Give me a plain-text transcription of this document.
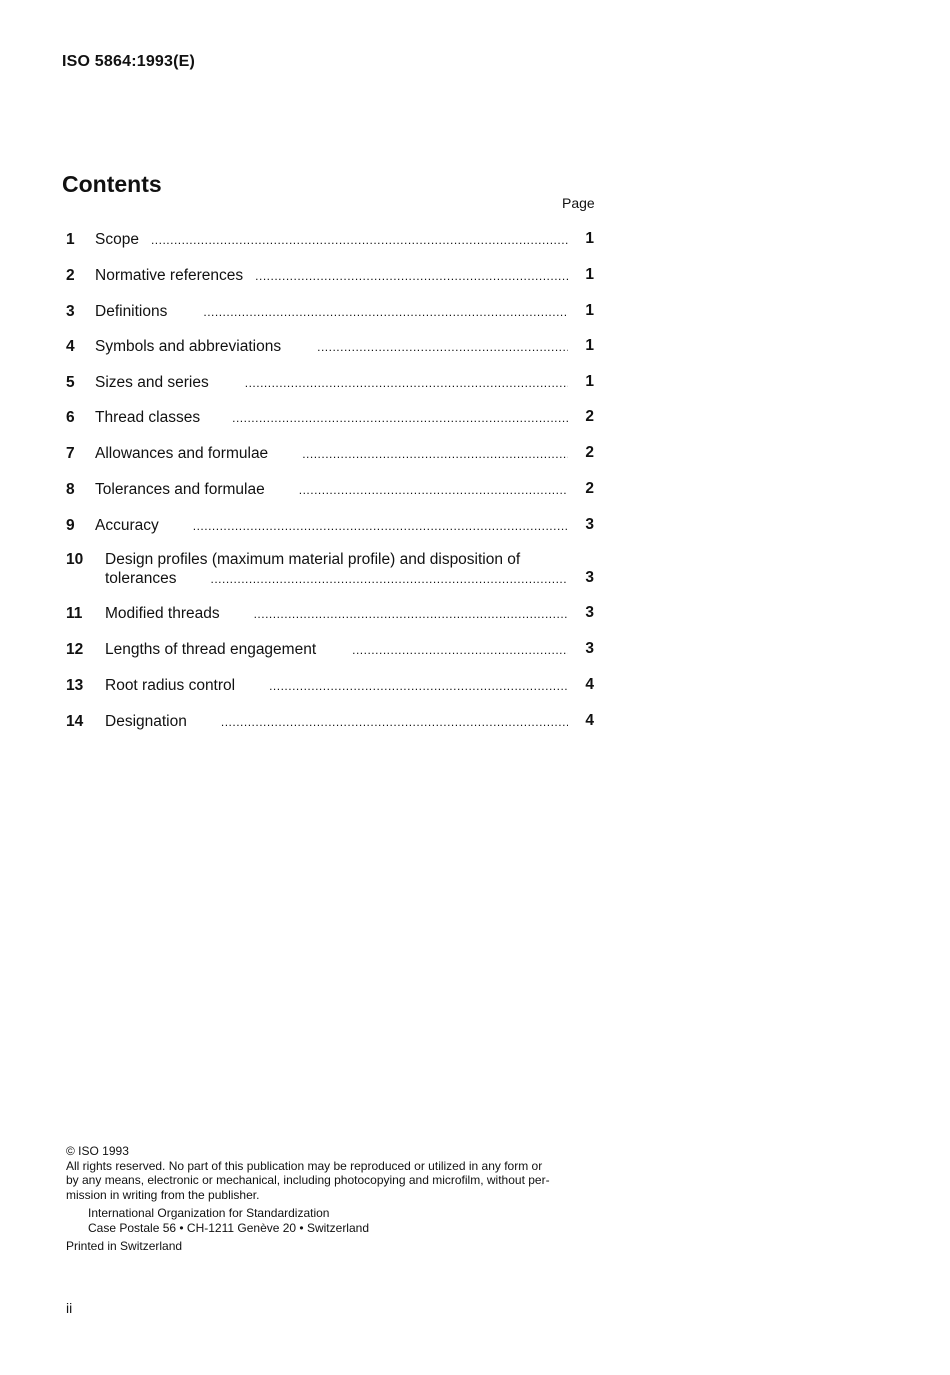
ISO 5864:1993(E)
Contents
Page
1 Scope .....	1
2 Normative references .....	1
3 Definitions .....	1
4 Symbols and abbreviations .....	1
5 Sizes and series .....	1
6 Thread classes .....	2
7 Allowances and formulae .....	2
8 Tolerances and formulae .....	2
9 Accuracy .....	3
10 Design profiles (maximum material profile) and disposition of
tolerances .....	3
11 Modified threads .....	3
12 Lengths of thread engagement .....	3
13 Root radius control .....	4
14 Designation .....	4
© ISO 1993
All rights reserved. No part of this publication may be reproduced or utilized in any form or
by any means, electronic or mechanical, including photocopying and microfilm, without per-
mission in writing from the publisher.
International Organization for Standardization
Case Postale 56 • CH-1211 Genève 20 • Switzerland
Printed in Switzerland
ii
